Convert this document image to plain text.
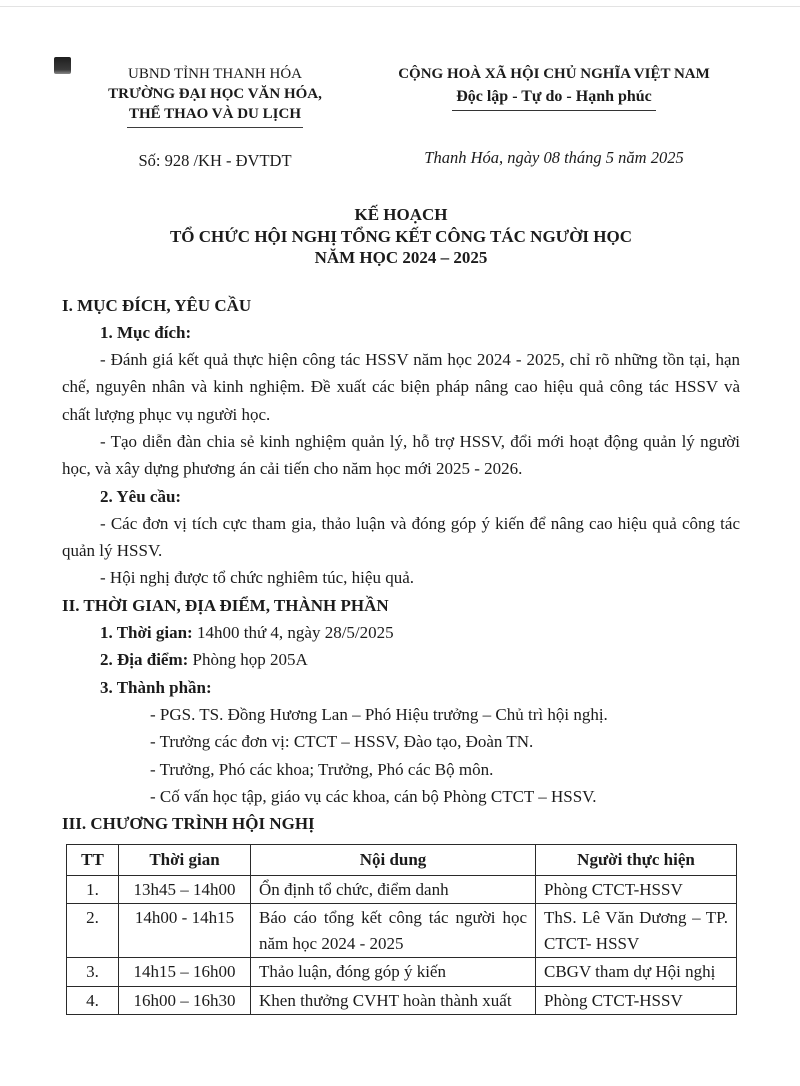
UBND TỈNH THANH HÓA
TRƯỜNG ĐẠI HỌC VĂN HÓA,
THỂ THAO VÀ DU LỊCH
Số: 928 /KH - ĐVTDT
CỘNG HOÀ XÃ HỘI CHỦ NGHĨA VIỆT NAM
Độc lập - Tự do - Hạnh phúc
Thanh Hóa, ngày 08 tháng 5 năm 2025
KẾ HOẠCH
TỔ CHỨC HỘI NGHỊ TỔNG KẾT CÔNG TÁC NGƯỜI HỌC
NĂM HỌC 2024 – 2025
I. MỤC ĐÍCH, YÊU CẦU
1. Mục đích:
- Đánh giá kết quả thực hiện công tác HSSV năm học 2024 - 2025, chỉ rõ những tồn tại, hạn chế, nguyên nhân và kinh nghiệm. Đề xuất các biện pháp nâng cao hiệu quả công tác HSSV và chất lượng phục vụ người học.
- Tạo diễn đàn chia sẻ kinh nghiệm quản lý, hỗ trợ HSSV, đổi mới hoạt động quản lý người học, và xây dựng phương án cải tiến cho năm học mới 2025 - 2026.
2. Yêu cầu:
- Các đơn vị tích cực tham gia, thảo luận và đóng góp ý kiến để nâng cao hiệu quả công tác quản lý HSSV.
- Hội nghị được tổ chức nghiêm túc, hiệu quả.
II. THỜI GIAN, ĐỊA ĐIỂM, THÀNH PHẦN
1. Thời gian: 14h00 thứ 4, ngày 28/5/2025
2. Địa điểm: Phòng họp 205A
3. Thành phần:
- PGS. TS. Đồng Hương Lan – Phó Hiệu trưởng – Chủ trì hội nghị.
- Trưởng các đơn vị: CTCT – HSSV, Đào tạo, Đoàn TN.
- Trưởng, Phó các khoa; Trưởng, Phó các Bộ môn.
- Cố vấn học tập, giáo vụ các khoa, cán bộ Phòng CTCT – HSSV.
III. CHƯƠNG TRÌNH HỘI NGHỊ
TT	Thời gian	Nội dung	Người thực hiện
1.	13h45 – 14h00	Ổn định tổ chức, điểm danh	Phòng CTCT-HSSV
2.	14h00 - 14h15	Báo cáo tổng kết công tác người học năm học 2024 - 2025	ThS. Lê Văn Dương – TP. CTCT- HSSV
3.	14h15 – 16h00	Thảo luận, đóng góp ý kiến	CBGV tham dự Hội nghị
4.	16h00 – 16h30	Khen thưởng CVHT hoàn thành xuất	Phòng CTCT-HSSV
